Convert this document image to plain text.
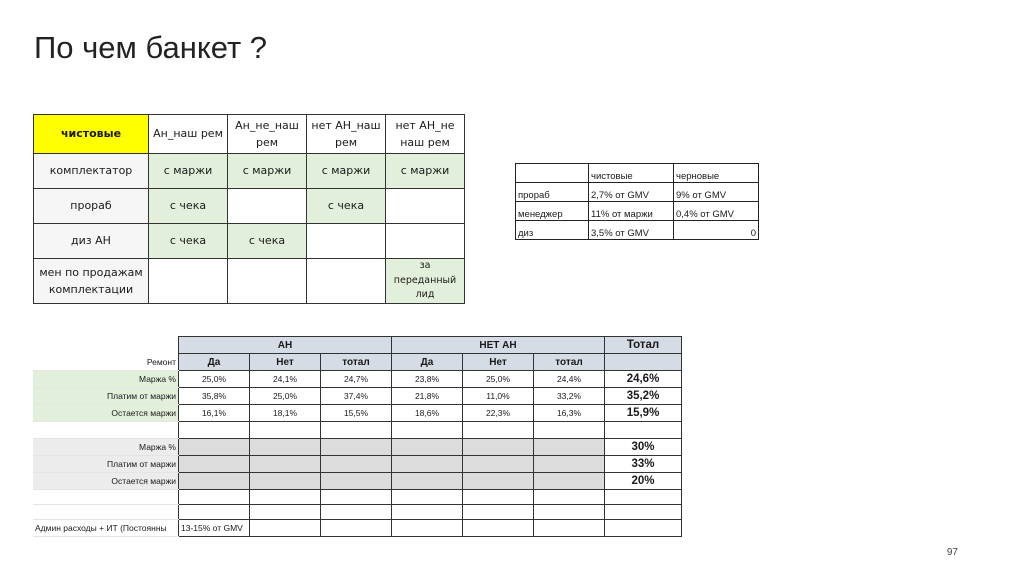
По чем банкет ?
чистовые	Ан_наш рем	Ан_не_наш рем	нет АН_наш рем	нет АН_не наш рем
комплектатор	с маржи	с маржи	с маржи	с маржи
прораб	с чека		с чека	
диз АН	с чека	с чека		
мен по продажам комплектации				за переданный лид
	чистовые	черновые
прораб	2,7% от GMV	9% от GMV
менеджер	11% от маржи	0,4% от GMV
диз	3,5% от GMV	0
	АН			НЕТ АН			Тотал
Ремонт	Да	Нет	тотал	Да	Нет	тотал	
Маржа %	25,0%	24,1%	24,7%	23,8%	25,0%	24,4%	24,6%
Платим от маржи	35,8%	25,0%	37,4%	21,8%	11,0%	33,2%	35,2%
Остается маржи	16,1%	18,1%	15,5%	18,6%	22,3%	16,3%	15,9%

Маржа %							30%
Платим от маржи							33%
Остается маржи							20%

Админ расходы + ИТ (Постоянны	13-15% от GMV						
97
